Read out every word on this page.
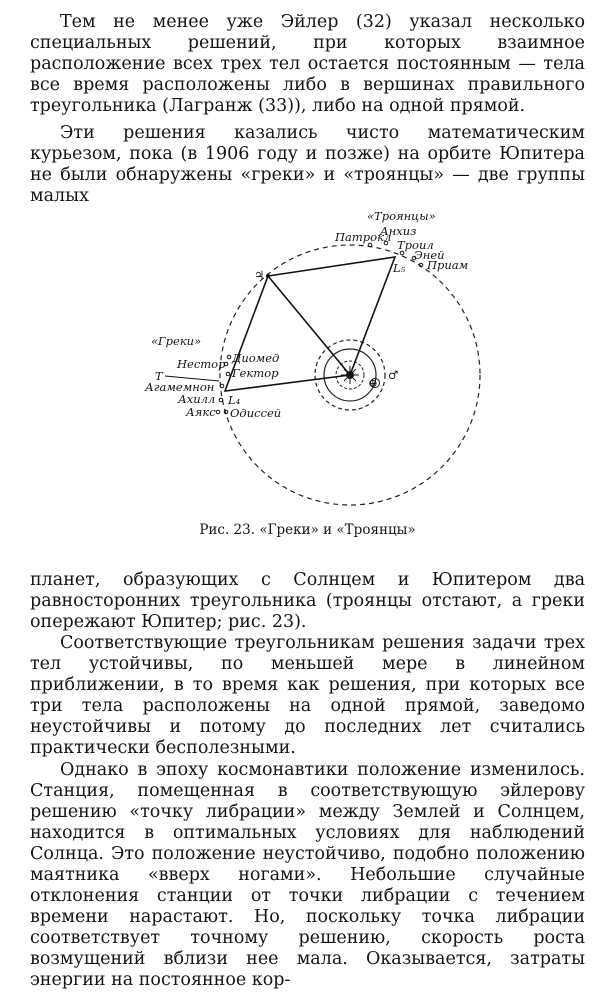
Тем не менее уже Эйлер (32) указал несколько специальных решений, при которых взаимное расположение всех трех тел остается постоянным — тела все время расположены либо в вершинах правильного треугольника (Лагранж (33)), либо на одной прямой.

Эти решения казались чисто математическим курьезом, пока (в 1906 году и позже) на орбите Юпитера не были обнаружены «греки» и «троянцы» — две группы малых

♃
⊕
♂
«Троянцы»
Патрокл
Анхиз
Троил
Эней
Приам
L₅
«Греки»
Нестор Диомед
Гектор
T
Агамемнон
Ахилл L₄
Аякс Одиссей
Рис. 23. «Греки» и «Троянцы»

планет, образующих с Солнцем и Юпитером два равносторонних треугольника (троянцы отстают, а греки опережают Юпитер; рис. 23).

Соответствующие треугольникам решения задачи трех тел устойчивы, по меньшей мере в линейном приближении, в то время как решения, при которых все три тела расположены на одной прямой, заведомо неустойчивы и потому до последних лет считались практически бесполезными.

Однако в эпоху космонавтики положение изменилось. Станция, помещенная в соответствующую эйлерову решению «точку либрации» между Землей и Солнцем, находится в оптимальных условиях для наблюдений Солнца. Это положение неустойчиво, подобно положению маятника «вверх ногами». Небольшие случайные отклонения станции от точки либрации с течением времени нарастают. Но, поскольку точка либрации соответствует точному решению, скорость роста возмущений вблизи нее мала. Оказывается, затраты энергии на постоянное кор-
